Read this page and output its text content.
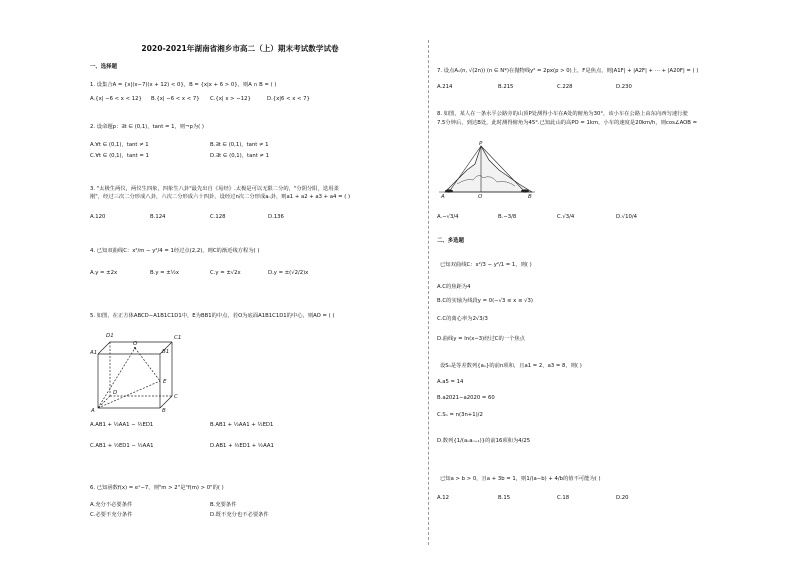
2020-2021年湖南省湘乡市高二（上）期末考试数学试卷
一、选择题
1. 设集合A = {x|(x−7)(x + 12) < 0}，B = {x|x + 6 > 0}，则A ∩ B = ( )
A.{x| −6 < x < 12} B.{x| −6 < x < 7} C.{x| x > −12}	D.{x|6 < x < 7}
2. 设命题p：∃t ∈ (0,1)，tant = 1，则¬p为( )
A.∀t ∈ (0,1)，tant ≠ 1	B.∃t ∈ (0,1)，tant ≠ 1
C.∀t ∈ (0,1)，tant = 1	D.∃t ∈ (0,1)，tant ≠ 1
3. "太极生两仪，两仪生四象，四象生八卦"最先出自《易经》.太极是可以无限二分的，"分阴分阳，迭用柔
刚"，经过三次二分形成八卦，六次二分形成六十四卦，设经过n次二分形成aₙ卦，则a1 + a2 + a3 + a4 = ( )
A.120	B.124	C.128	D.136
4. 已知双曲线C：x²/m − y²/4 = 1经过点(2,2)，则C的渐近线方程为( )
A.y = ±2x	B.y = ±½x	C.y = ±√2x	D.y = ±(√2/2)x
5. 如图，在正方体ABCD−A1B1C1D1中，E为BB1的中点，若O为底面A1B1C1D1的中心，则AO = ( )
D1	C1
A1	B1
O
E
D
C
A	B
A.AB1 + ½AA1 − ½ED1	B.AB1 + ½AA1 + ½ED1
C.AB1 + ½ED1 − ½AA1	D.AB1 + ½ED1 + ½AA1
6. 已知函数f(x) = eˣ−7，则"m > 2"是"f(m) > 0"的( )
A.充分不必要条件	B.充要条件
C.必要不充分条件	D.既不充分也不必要条件
7. 设点Aₙ(n, √(2n)) (n ∈ N*)在抛物线y² = 2px(p > 0)上，F是焦点，则|A1F| + |A2F| + ⋯ + |A20F| = ( )
A.214	B.215	C.228	D.230
8. 如图，某人在一条水平公路旁的山顶P处测得小车在A处的俯角为30°，该小车在公路上由东向西匀速行驶
7.5分钟后，到达B处，此时测得俯角为45°.已知此山的高PO = 1km，小车的速度是20km/h，则cos∠AOB =
P
A	O	B
A.−√3/4	B.−3/8	C.√3/4	D.√10/4
二、多选题
已知双曲线C：x²/3 − y²/1 = 1，则( )
A.C的焦距为4
B.C的实轴为线段y = 0(−√3 ≤ x ≤ √3)
C.C的离心率为2√3/3
D.曲线y = ln(x−3)经过C的一个焦点
设Sₙ是等差数列{aₙ}的前n项和，且a1 = 2，a3 = 8，则( )
A.a5 = 14
B.a2021−a2020 = 60
C.Sₙ = n(3n+1)/2
D.数列{1/(aₙaₙ₊₁)}的前16项和为4/25
已知a > b > 0，且a + 3b = 1，则1/(a−b) + 4/b的值不可能为( )
A.12	B.15	C.18	D.20
